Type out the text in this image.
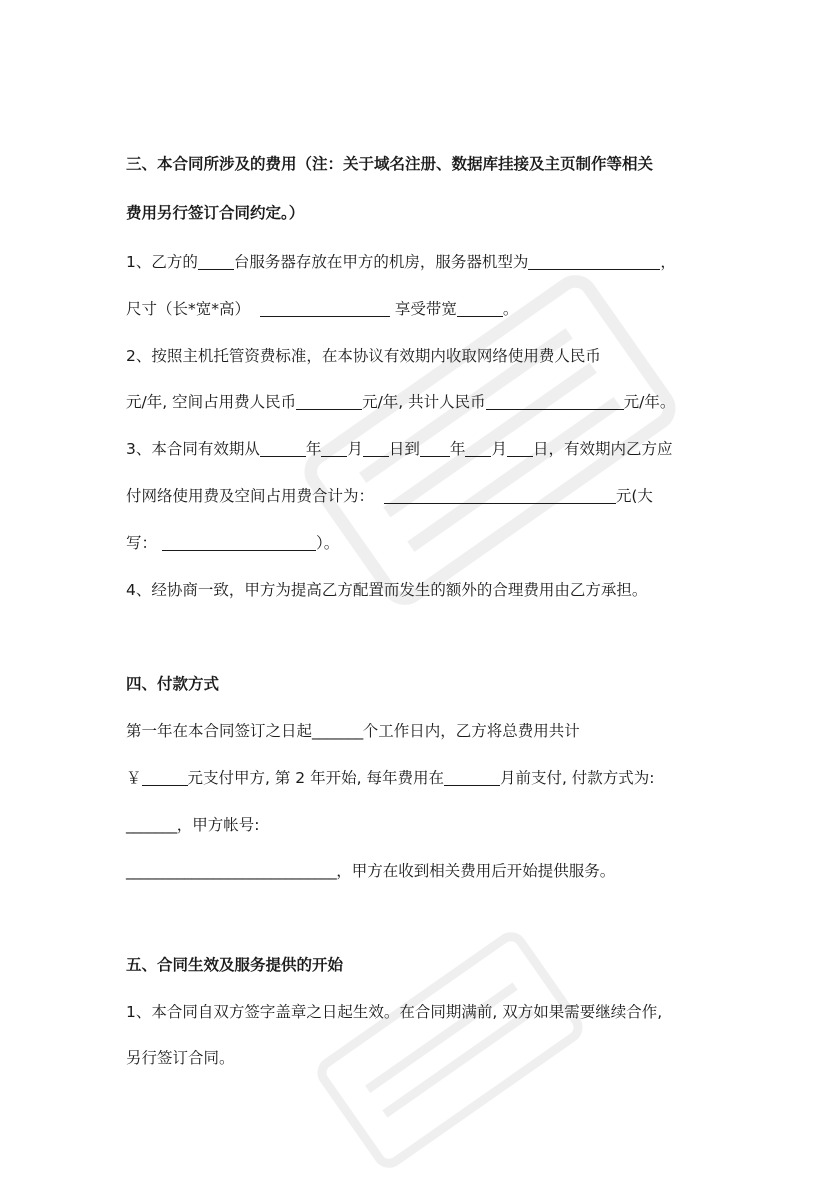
三、本合同所涉及的费用（注：关于域名注册、数据库挂接及主页制作等相关
费用另行签订合同约定。）
1、乙方的 台服务器存放在甲方的机房，服务器机型为	，
尺寸（长*宽*高）	享受带宽	。
2、按照主机托管资费标准，在本协议有效期内收取网络使用费人民币
元/年, 空间占用费人民币	元/年, 共计人民币	元/年。
3、本合同有效期从	年 月 日到 年 月 日，有效期内乙方应
付网络使用费及空间占用费合计为：	元(大
写：	）。
4、经协商一致，甲方为提高乙方配置而发生的额外的合理费用由乙方承担。
四、付款方式
第一年在本合同签订之日起_______个工作日内，乙方将总费用共计
￥	元支付甲方, 第 2 年开始, 每年费用在	月前支付, 付款方式为:
_______，甲方帐号:
_____________________________，甲方在收到相关费用后开始提供服务。
五、合同生效及服务提供的开始
1、本合同自双方签字盖章之日起生效。在合同期满前, 双方如果需要继续合作,
另行签订合同。
